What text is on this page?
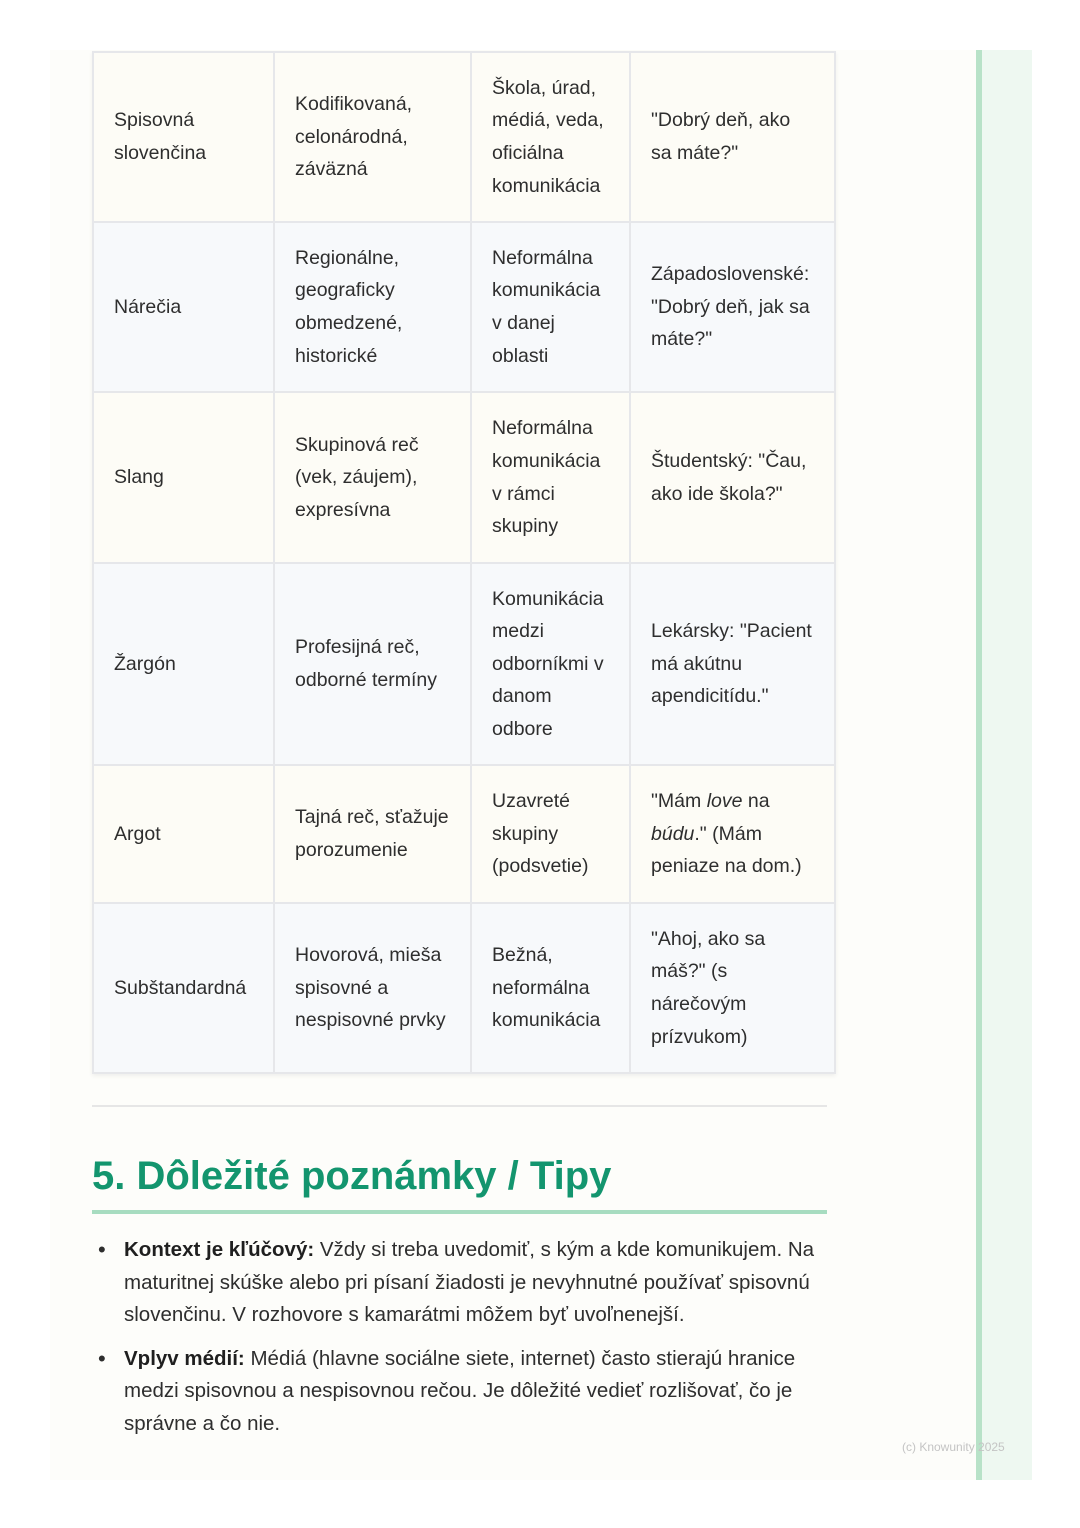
Spisovná slovenčina	Kodifikovaná, celonárodná, záväzná	Škola, úrad, médiá, veda, oficiálna komunikácia	"Dobrý deň, ako sa máte?"
Nárečia	Regionálne, geograficky obmedzené, historické	Neformálna komunikácia v danej oblasti	Západoslovenské: "Dobrý deň, jak sa máte?"
Slang	Skupinová reč (vek, záujem), expresívna	Neformálna komunikácia v rámci skupiny	Študentský: "Čau, ako ide škola?"
Žargón	Profesijná reč, odborné termíny	Komunikácia medzi odborníkmi v danom odbore	Lekársky: "Pacient má akútnu apendicitídu."
Argot	Tajná reč, sťažuje porozumenie	Uzavreté skupiny (podsvetie)	"Mám love na búdu." (Mám peniaze na dom.)
Subštandardná	Hovorová, mieša spisovné a nespisovné prvky	Bežná, neformálna komunikácia	"Ahoj, ako sa máš?" (s nárečovým prízvukom)
5. Dôležité poznámky / Tipy
• Kontext je kľúčový: Vždy si treba uvedomiť, s kým a kde komunikujem. Na maturitnej skúške alebo pri písaní žiadosti je nevyhnutné používať spisovnú slovenčinu. V rozhovore s kamarátmi môžem byť uvoľnenejší.
• Vplyv médií: Médiá (hlavne sociálne siete, internet) často stierajú hranice medzi spisovnou a nespisovnou rečou. Je dôležité vedieť rozlišovať, čo je správne a čo nie.
(c) Knowunity 2025
